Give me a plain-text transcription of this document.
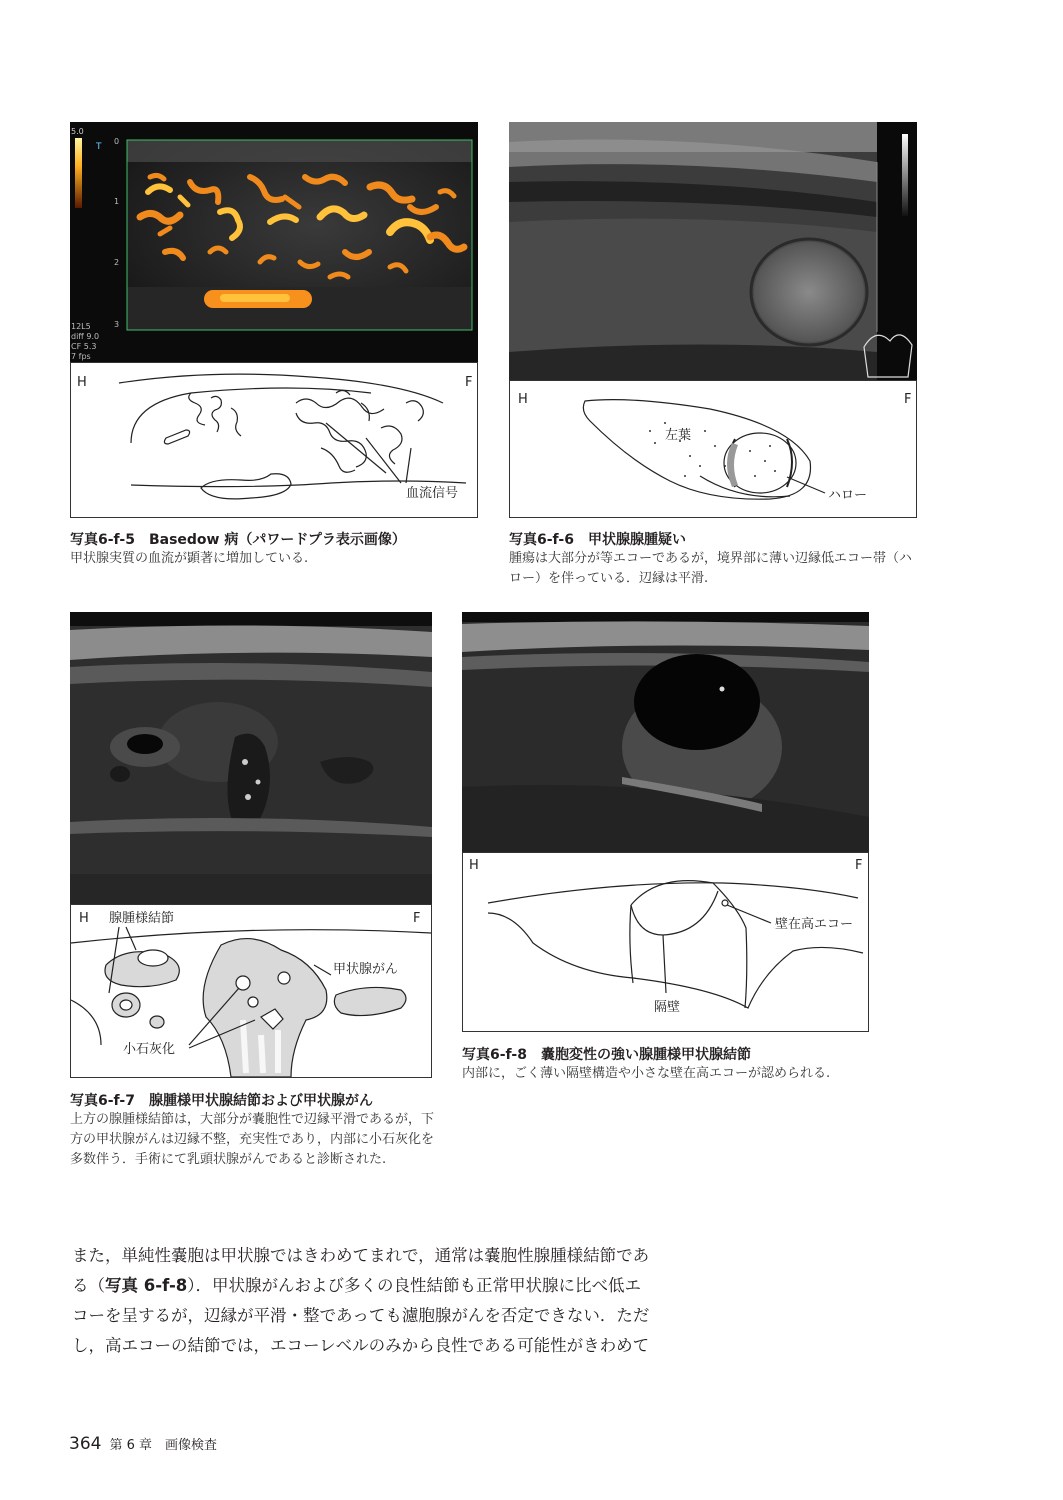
5.0
T
0
1
2
3
12L5
diff 9.0
CF 5.3
7 fps
H	F
血流信号
写真6-f-5　Basedow 病（パワードプラ表示画像）
甲状腺実質の血流が顕著に増加している.
H	F
左葉
ハロー
写真6-f-6　甲状腺腺腫疑い
腫瘍は大部分が等エコーであるが，境界部に薄い辺縁低エコー帯（ハロー）を伴っている．辺縁は平滑.
H	F
腺腫様結節
甲状腺がん
小石灰化
写真6-f-7　腺腫様甲状腺結節および甲状腺がん
上方の腺腫様結節は，大部分が嚢胞性で辺縁平滑であるが，下方の甲状腺がんは辺縁不整，充実性であり，内部に小石灰化を多数伴う．手術にて乳頭状腺がんであると診断された.
H	F
壁在高エコー
隔壁
写真6-f-8　嚢胞変性の強い腺腫様甲状腺結節
内部に，ごく薄い隔壁構造や小さな壁在高エコーが認められる.

また，単純性嚢胞は甲状腺ではきわめてまれで，通常は嚢胞性腺腫様結節であ

る（写真 6-f-8）．甲状腺がんおよび多くの良性結節も正常甲状腺に比べ低エ

コーを呈するが，辺縁が平滑・整であっても濾胞腺がんを否定できない．ただ

し，高エコーの結節では，エコーレベルのみから良性である可能性がきわめて

364 第 6 章　画像検査
